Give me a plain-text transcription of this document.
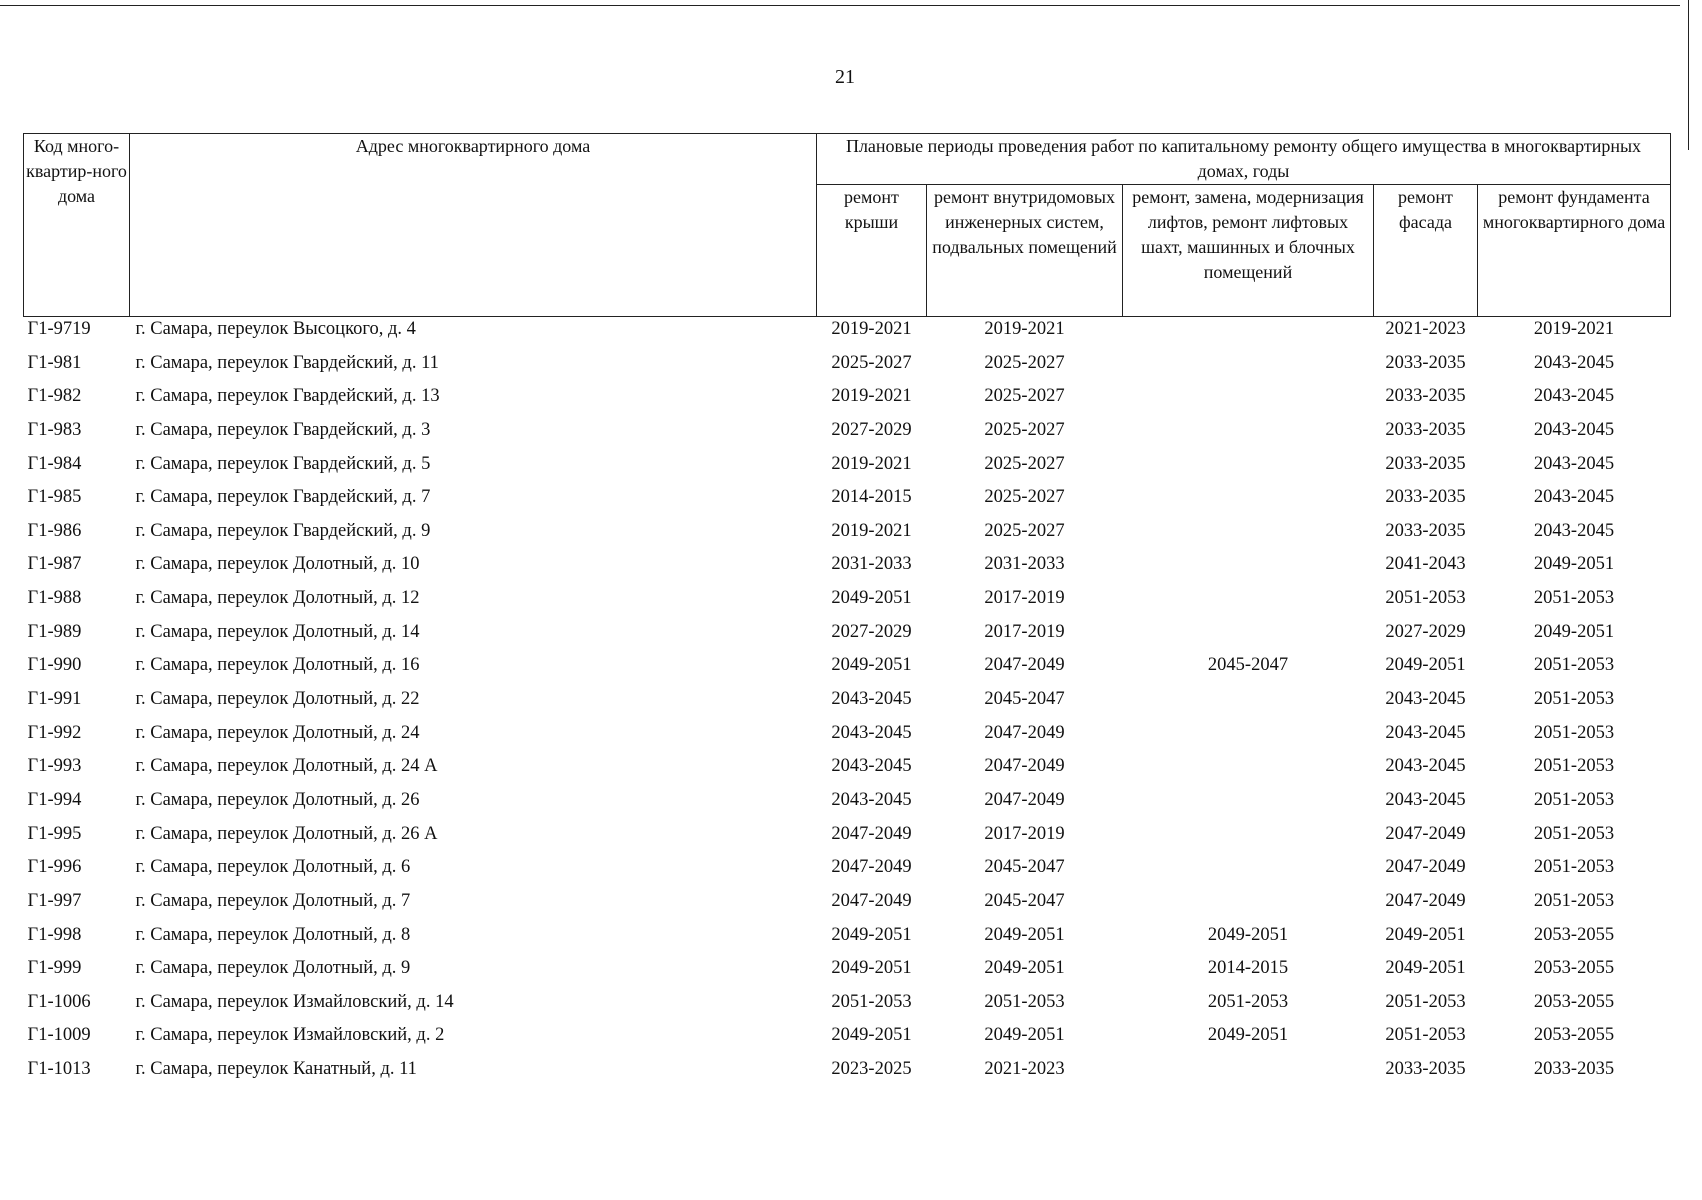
21
Код много-квартир-ного дома	Адрес многоквартирного дома	Плановые периоды проведения работ по капитальному ремонту общего имущества в многоквартирных домах, годы				
		ремонт крыши	ремонт внутридомовых инженерных систем, подвальных помещений	ремонт, замена, модернизация лифтов, ремонт лифтовых шахт, машинных и блочных помещений	ремонт фасада	ремонт фундамента многоквартирного дома
Г1-9719	г. Самара, переулок Высоцкого, д. 4	2019-2021	2019-2021		2021-2023	2019-2021
Г1-981	г. Самара, переулок Гвардейский, д. 11	2025-2027	2025-2027		2033-2035	2043-2045
Г1-982	г. Самара, переулок Гвардейский, д. 13	2019-2021	2025-2027		2033-2035	2043-2045
Г1-983	г. Самара, переулок Гвардейский, д. 3	2027-2029	2025-2027		2033-2035	2043-2045
Г1-984	г. Самара, переулок Гвардейский, д. 5	2019-2021	2025-2027		2033-2035	2043-2045
Г1-985	г. Самара, переулок Гвардейский, д. 7	2014-2015	2025-2027		2033-2035	2043-2045
Г1-986	г. Самара, переулок Гвардейский, д. 9	2019-2021	2025-2027		2033-2035	2043-2045
Г1-987	г. Самара, переулок Долотный, д. 10	2031-2033	2031-2033		2041-2043	2049-2051
Г1-988	г. Самара, переулок Долотный, д. 12	2049-2051	2017-2019		2051-2053	2051-2053
Г1-989	г. Самара, переулок Долотный, д. 14	2027-2029	2017-2019		2027-2029	2049-2051
Г1-990	г. Самара, переулок Долотный, д. 16	2049-2051	2047-2049	2045-2047	2049-2051	2051-2053
Г1-991	г. Самара, переулок Долотный, д. 22	2043-2045	2045-2047		2043-2045	2051-2053
Г1-992	г. Самара, переулок Долотный, д. 24	2043-2045	2047-2049		2043-2045	2051-2053
Г1-993	г. Самара, переулок Долотный, д. 24 А	2043-2045	2047-2049		2043-2045	2051-2053
Г1-994	г. Самара, переулок Долотный, д. 26	2043-2045	2047-2049		2043-2045	2051-2053
Г1-995	г. Самара, переулок Долотный, д. 26 А	2047-2049	2017-2019		2047-2049	2051-2053
Г1-996	г. Самара, переулок Долотный, д. 6	2047-2049	2045-2047		2047-2049	2051-2053
Г1-997	г. Самара, переулок Долотный, д. 7	2047-2049	2045-2047		2047-2049	2051-2053
Г1-998	г. Самара, переулок Долотный, д. 8	2049-2051	2049-2051	2049-2051	2049-2051	2053-2055
Г1-999	г. Самара, переулок Долотный, д. 9	2049-2051	2049-2051	2014-2015	2049-2051	2053-2055
Г1-1006	г. Самара, переулок Измайловский, д. 14	2051-2053	2051-2053	2051-2053	2051-2053	2053-2055
Г1-1009	г. Самара, переулок Измайловский, д. 2	2049-2051	2049-2051	2049-2051	2051-2053	2053-2055
Г1-1013	г. Самара, переулок Канатный, д. 11	2023-2025	2021-2023		2033-2035	2033-2035
